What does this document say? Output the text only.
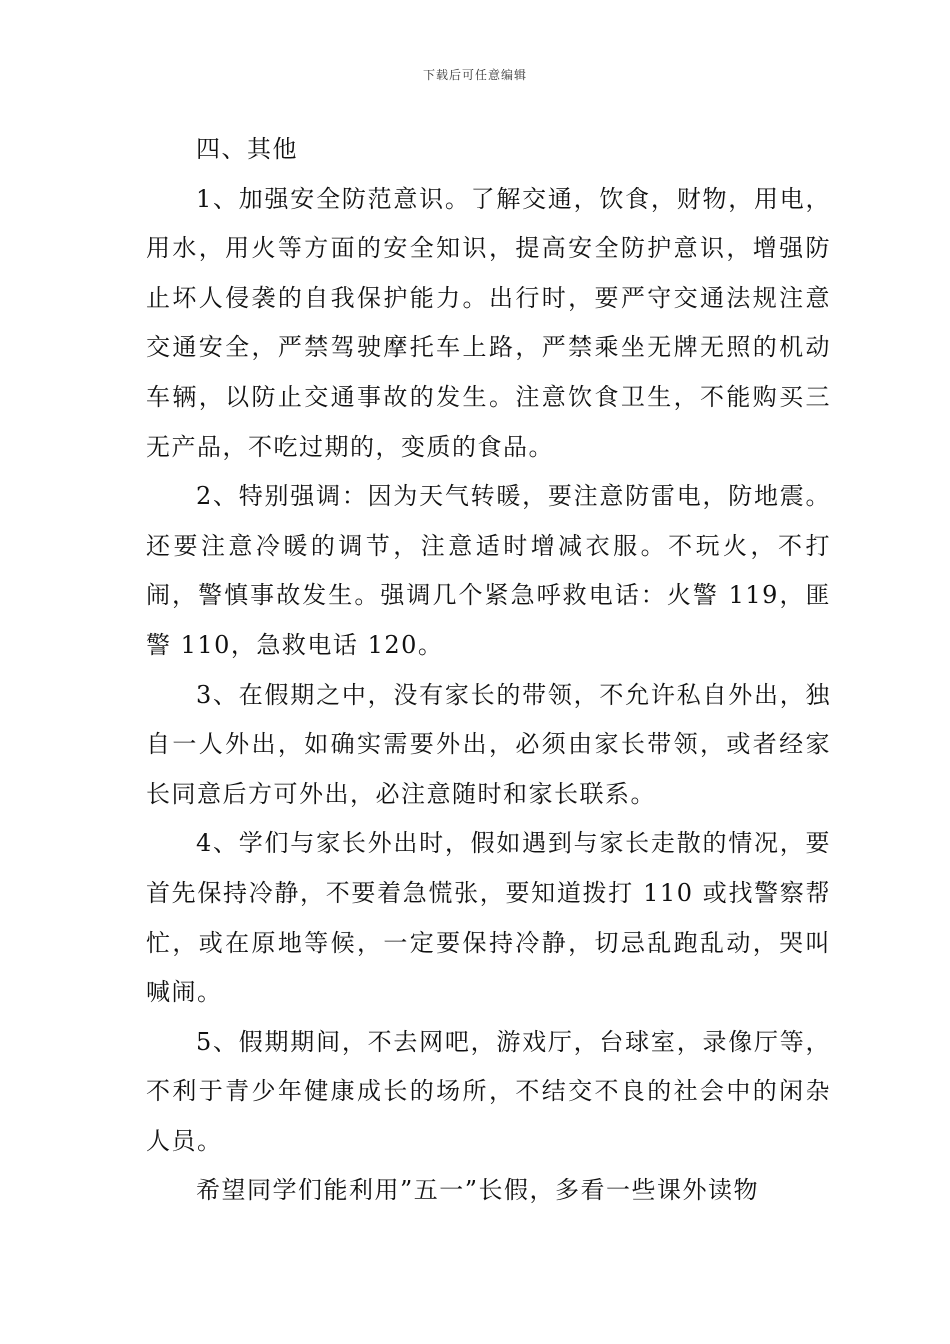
下载后可任意编辑

四、其他

1、加强安全防范意识。了解交通，饮食，财物，用电，用水，用火等方面的安全知识，提高安全防护意识，增强防止坏人侵袭的自我保护能力。出行时，要严守交通法规注意交通安全，严禁驾驶摩托车上路，严禁乘坐无牌无照的机动车辆，以防止交通事故的发生。注意饮食卫生，不能购买三无产品，不吃过期的，变质的食品。

2、特别强调：因为天气转暖，要注意防雷电，防地震。还要注意冷暖的调节，注意适时增减衣服。不玩火，不打闹，警慎事故发生。强调几个紧急呼救电话：火警 119，匪警 110，急救电话 120。

3、在假期之中，没有家长的带领，不允许私自外出，独自一人外出，如确实需要外出，必须由家长带领，或者经家长同意后方可外出，必注意随时和家长联系。

4、学们与家长外出时，假如遇到与家长走散的情况，要首先保持冷静，不要着急慌张，要知道拨打 110 或找警察帮忙，或在原地等候，一定要保持冷静，切忌乱跑乱动，哭叫喊闹。

5、假期期间，不去网吧，游戏厅，台球室，录像厅等，不利于青少年健康成长的场所，不结交不良的社会中的闲杂人员。

希望同学们能利用”五一”长假，多看一些课外读物
